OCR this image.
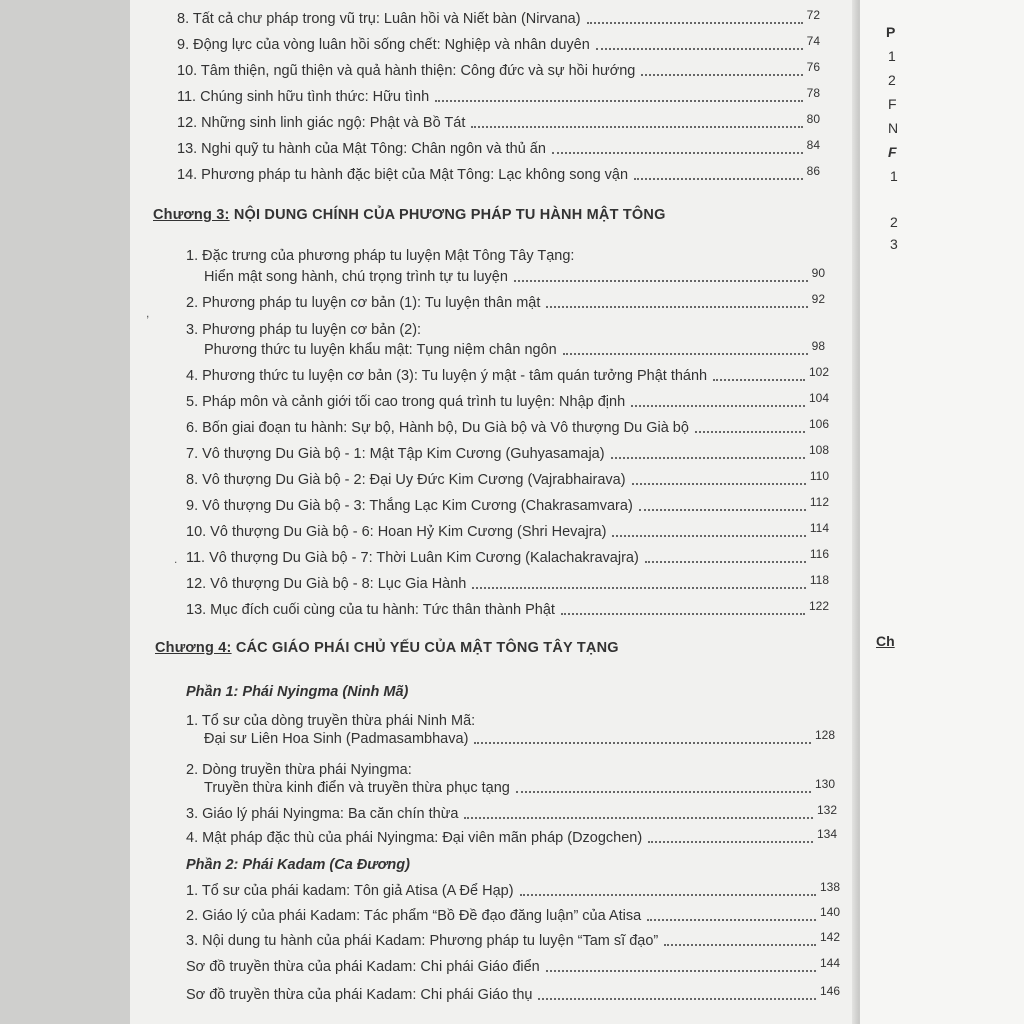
8. Tất cả chư pháp trong vũ trụ: Luân hồi và Niết bàn (Nirvana)	72
9. Động lực của vòng luân hồi sống chết: Nghiệp và nhân duyên	74
10. Tâm thiện, ngũ thiện và quả hành thiện: Công đức và sự hồi hướng	76
11. Chúng sinh hữu tình thức: Hữu tình	78
12. Những sinh linh giác ngộ: Phật và Bồ Tát	80
13. Nghi quỹ tu hành của Mật Tông: Chân ngôn và thủ ấn	84
14. Phương pháp tu hành đặc biệt của Mật Tông: Lạc không song vận	86
Chương 3: NỘI DUNG CHÍNH CỦA PHƯƠNG PHÁP TU HÀNH MẬT TÔNG
1. Đặc trưng của phương pháp tu luyện Mật Tông Tây Tạng:
Hiển mật song hành, chú trọng trình tự tu luyện	90
2. Phương pháp tu luyện cơ bản (1): Tu luyện thân mật	92
3. Phương pháp tu luyện cơ bản (2):
Phương thức tu luyện khẩu mật: Tụng niệm chân ngôn	98
4. Phương thức tu luyện cơ bản (3): Tu luyện ý mật - tâm quán tưởng Phật thánh	102
5. Pháp môn và cảnh giới tối cao trong quá trình tu luyện: Nhập định	104
6. Bốn giai đoạn tu hành: Sự bộ, Hành bộ, Du Già bộ và Vô thượng Du Già bộ	106
7. Vô thượng Du Già bộ - 1: Mật Tập Kim Cương (Guhyasamaja)	108
8. Vô thượng Du Già bộ - 2: Đại Uy Đức Kim Cương (Vajrabhairava)	110
9. Vô thượng Du Già bộ - 3: Thắng Lạc Kim Cương (Chakrasamvara)	112
10. Vô thượng Du Già bộ - 6: Hoan Hỷ Kim Cương (Shri Hevajra)	114
11. Vô thượng Du Già bộ - 7: Thời Luân Kim Cương (Kalachakravajra)	116
12. Vô thượng Du Già bộ - 8: Lục Gia Hành	118
13. Mục đích cuối cùng của tu hành: Tức thân thành Phật	122
Chương 4: CÁC GIÁO PHÁI CHỦ YẾU CỦA MẬT TÔNG TÂY TẠNG
Phần 1: Phái Nyingma (Ninh Mã)
1. Tổ sư của dòng truyền thừa phái Ninh Mã:
Đại sư Liên Hoa Sinh (Padmasambhava)	128
2. Dòng truyền thừa phái Nyingma:
Truyền thừa kinh điển và truyền thừa phục tạng	130
3. Giáo lý phái Nyingma: Ba căn chín thừa	132
4. Mật pháp đặc thù của phái Nyingma: Đại viên mãn pháp (Dzogchen)	134
Phần 2: Phái Kadam (Ca Đương)
1. Tổ sư của phái kadam: Tôn giả Atisa (A Để Hạp)	138
2. Giáo lý của phái Kadam: Tác phẩm “Bồ Đề đạo đăng luận” của Atisa	140
3. Nội dung tu hành của phái Kadam: Phương pháp tu luyện “Tam sĩ đạo”	142
Sơ đồ truyền thừa của phái Kadam: Chi phái Giáo điển	144
Sơ đồ truyền thừa của phái Kadam: Chi phái Giáo thụ	146
P
1
2
F
N
F
1
2
3
Ch
,
.
